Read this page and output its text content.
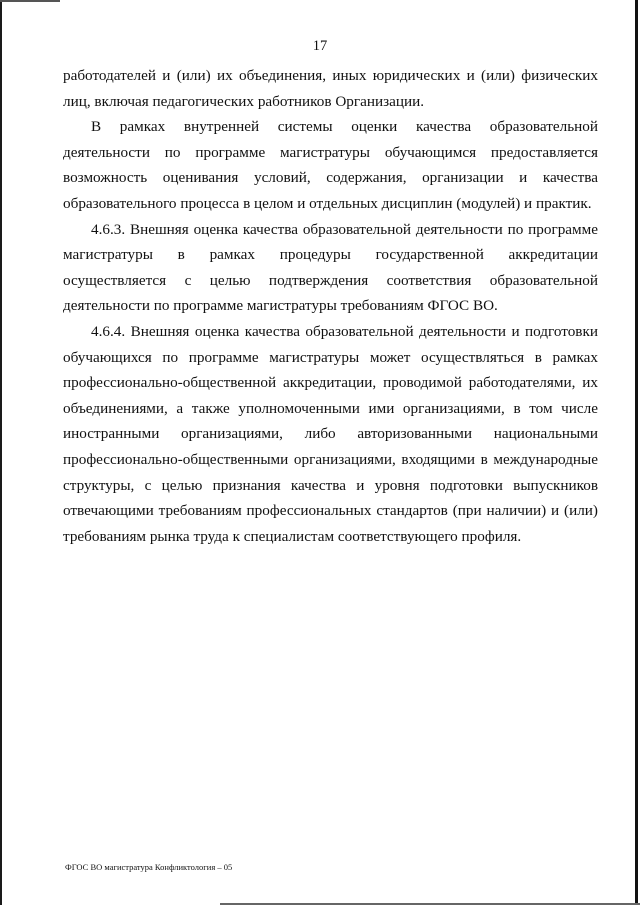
17

работодателей и (или) их объединения, иных юридических и (или) физических лиц, включая педагогических работников Организации.

В рамках внутренней системы оценки качества образовательной деятельности по программе магистратуры обучающимся предоставляется возможность оценивания условий, содержания, организации и качества образовательного процесса в целом и отдельных дисциплин (модулей) и практик.

4.6.3. Внешняя оценка качества образовательной деятельности по программе магистратуры в рамках процедуры государственной аккредитации осуществляется с целью подтверждения соответствия образовательной деятельности по программе магистратуры требованиям ФГОС ВО.

4.6.4. Внешняя оценка качества образовательной деятельности и подготовки обучающихся по программе магистратуры может осуществляться в рамках профессионально-общественной аккредитации, проводимой работодателями, их объединениями, а также уполномоченными ими организациями, в том числе иностранными организациями, либо авторизованными национальными профессионально-общественными организациями, входящими в международные структуры, с целью признания качества и уровня подготовки выпускников отвечающими требованиям профессиональных стандартов (при наличии) и (или) требованиям рынка труда к специалистам соответствующего профиля.

ФГОС ВО магистратура Конфликтология – 05
